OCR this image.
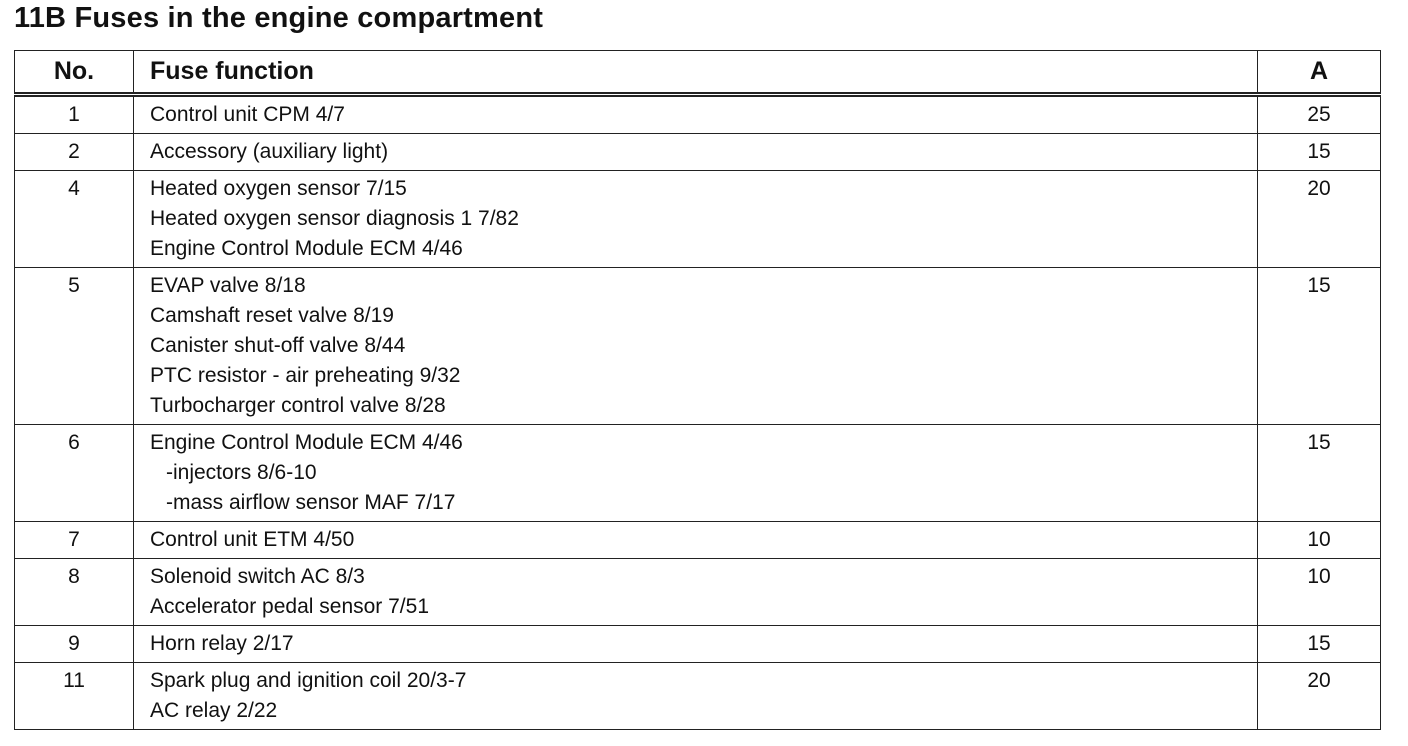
11B Fuses in the engine compartment
No.	Fuse function	A
1	Control unit CPM 4/7	25
2	Accessory (auxiliary light)	15
4	Heated oxygen sensor 7/15
Heated oxygen sensor diagnosis 1 7/82
Engine Control Module ECM 4/46	20
5	EVAP valve 8/18
Camshaft reset valve 8/19
Canister shut-off valve 8/44
PTC resistor - air preheating 9/32
Turbocharger control valve 8/28	15
6	Engine Control Module ECM 4/46
-injectors 8/6-10
-mass airflow sensor MAF 7/17	15
7	Control unit ETM 4/50	10
8	Solenoid switch AC 8/3
Accelerator pedal sensor 7/51	10
9	Horn relay 2/17	15
11	Spark plug and ignition coil 20/3-7
AC relay 2/22	20
